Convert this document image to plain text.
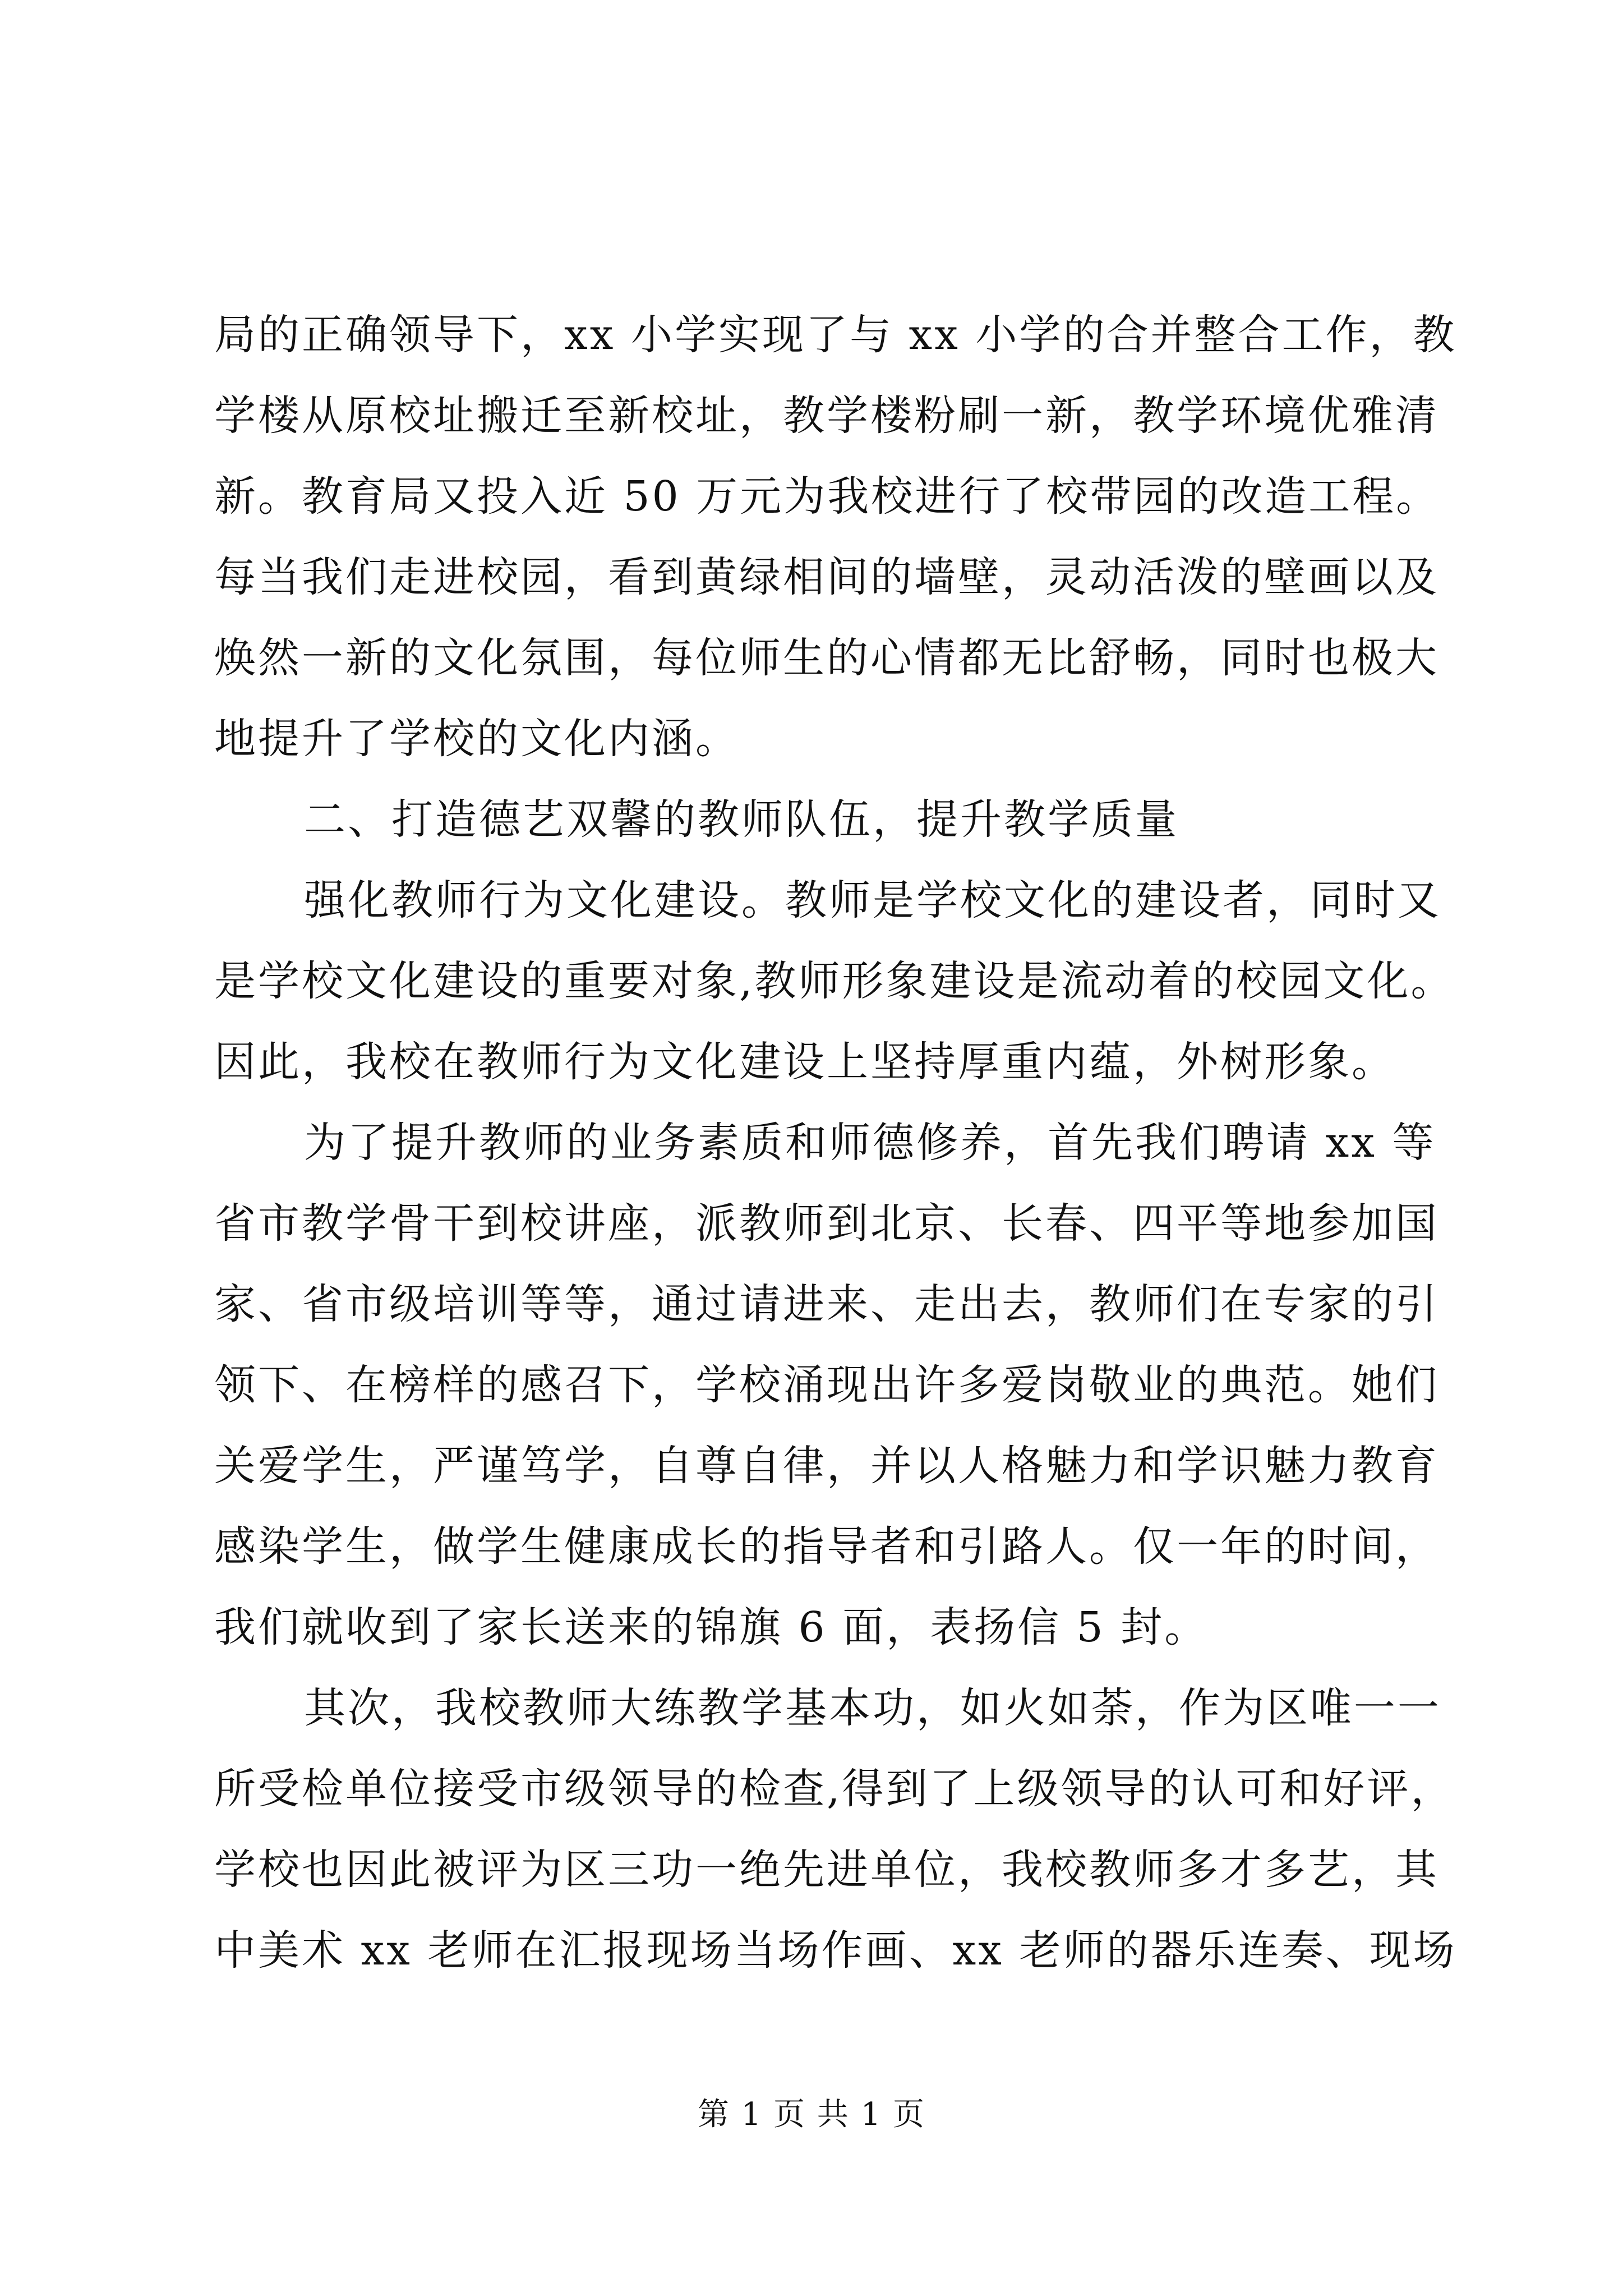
局的正确领导下，xx 小学实现了与 xx 小学的合并整合工作，教
学楼从原校址搬迁至新校址，教学楼粉刷一新，教学环境优雅清
新。教育局又投入近 50 万元为我校进行了校带园的改造工程。
每当我们走进校园，看到黄绿相间的墙壁，灵动活泼的壁画以及
焕然一新的文化氛围，每位师生的心情都无比舒畅，同时也极大
地提升了学校的文化内涵。
二、打造德艺双馨的教师队伍，提升教学质量
强化教师行为文化建设。教师是学校文化的建设者，同时又
是学校文化建设的重要对象,教师形象建设是流动着的校园文化。
因此，我校在教师行为文化建设上坚持厚重内蕴，外树形象。
为了提升教师的业务素质和师德修养，首先我们聘请 xx 等
省市教学骨干到校讲座，派教师到北京、长春、四平等地参加国
家、省市级培训等等，通过请进来、走出去，教师们在专家的引
领下、在榜样的感召下，学校涌现出许多爱岗敬业的典范。她们
关爱学生，严谨笃学，自尊自律，并以人格魅力和学识魅力教育
感染学生，做学生健康成长的指导者和引路人。仅一年的时间，
我们就收到了家长送来的锦旗 6 面，表扬信 5 封。
其次，我校教师大练教学基本功，如火如荼，作为区唯一一
所受检单位接受市级领导的检查,得到了上级领导的认可和好评，
学校也因此被评为区三功一绝先进单位，我校教师多才多艺，其
中美术 xx 老师在汇报现场当场作画、xx 老师的器乐连奏、现场
第 1 页 共 1 页
